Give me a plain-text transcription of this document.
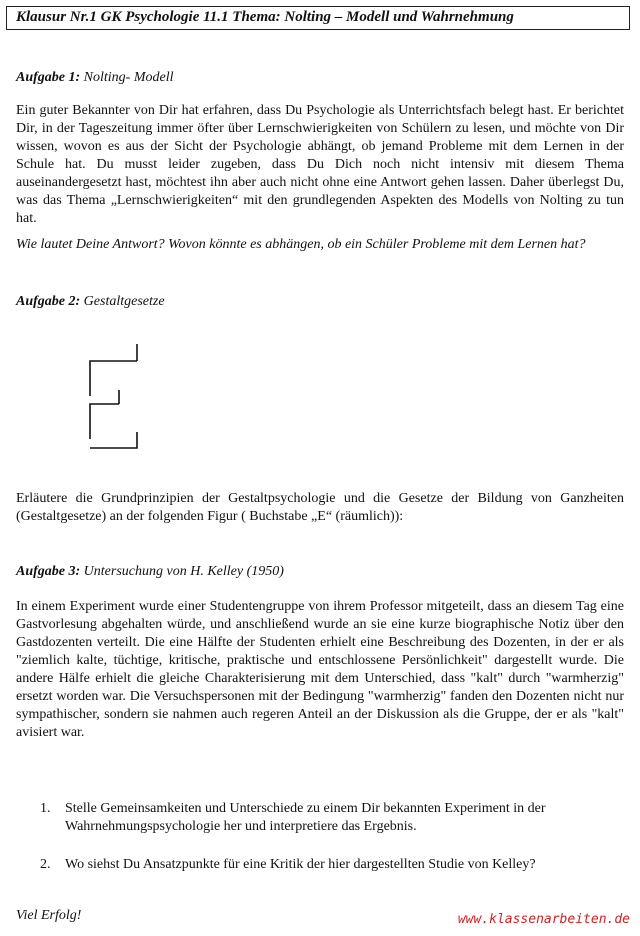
Klausur Nr.1 GK Psychologie 11.1 Thema: Nolting – Modell und Wahrnehmung
Aufgabe 1: Nolting- Modell
Ein guter Bekannter von Dir hat erfahren, dass Du Psychologie als Unterrichtsfach belegt hast. Er berichtet Dir, in der Tageszeitung immer öfter über Lernschwierigkeiten von Schülern zu lesen, und möchte von Dir wissen, wovon es aus der Sicht der Psychologie abhängt, ob jemand Probleme mit dem Lernen in der Schule hat. Du musst leider zugeben, dass Du Dich noch nicht intensiv mit diesem Thema auseinandergesetzt hast, möchtest ihn aber auch nicht ohne eine Antwort gehen lassen. Daher überlegst Du, was das Thema „Lernschwierigkeiten“ mit den grundlegenden Aspekten des Modells von Nolting zu tun hat.
Wie lautet Deine Antwort? Wovon könnte es abhängen, ob ein Schüler Probleme mit dem Lernen hat?
Aufgabe 2: Gestaltgesetze
Erläutere die Grundprinzipien der Gestaltpsychologie und die Gesetze der Bildung von Ganzheiten (Gestaltgesetze) an der folgenden Figur ( Buchstabe „E“ (räumlich)):
Aufgabe 3: Untersuchung von H. Kelley (1950)
In einem Experiment wurde einer Studentengruppe von ihrem Professor mitgeteilt, dass an diesem Tag eine Gastvorlesung abgehalten würde, und anschließend wurde an sie eine kurze biographische Notiz über den Gastdozenten verteilt. Die eine Hälfte der Studenten erhielt eine Beschreibung des Dozenten, in der er als "ziemlich kalte, tüchtige, kritische, praktische und entschlossene Persönlichkeit" dargestellt wurde. Die andere Hälfe erhielt die gleiche Charakterisierung mit dem Unterschied, dass "kalt" durch "warmherzig" ersetzt worden war. Die Versuchspersonen mit der Bedingung "warmherzig" fanden den Dozenten nicht nur sympathischer, sondern sie nahmen auch regeren Anteil an der Diskussion als die Gruppe, der er als "kalt" avisiert war.
1.	Stelle Gemeinsamkeiten und Unterschiede zu einem Dir bekannten Experiment in der Wahrnehmungspsychologie her und interpretiere das Ergebnis.
2.	Wo siehst Du Ansatzpunkte für eine Kritik der hier dargestellten Studie von Kelley?
Viel Erfolg!	www.klassenarbeiten.de
